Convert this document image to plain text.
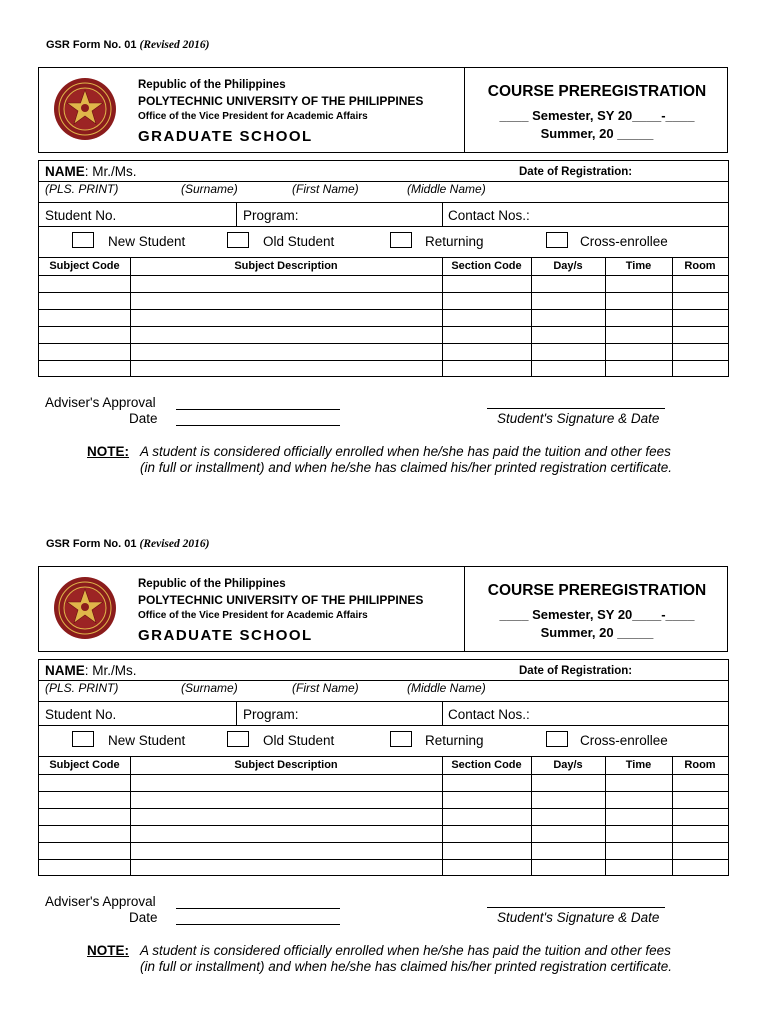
GSR Form No. 01 (Revised 2016)
Republic of the Philippines
POLYTECHNIC UNIVERSITY OF THE PHILIPPINES
Office of the Vice President for Academic Affairs
GRADUATE SCHOOL
COURSE PREREGISTRATION
____ Semester, SY 20____-____
Summer, 20 _____
NAME: Mr./Ms.	Date of Registration:
(PLS. PRINT)	(Surname)	(First Name)	(Middle Name)
Student No.	Program:	Contact Nos.:
New Student	Old Student	Returning	Cross-enrollee
Subject Code	Subject Description	Section Code	Day/s	Time	Room
Adviser's Approval
Date	Student's Signature & Date
NOTE: A student is considered officially enrolled when he/she has paid the tuition and other fees
(in full or installment) and when he/she has claimed his/her printed registration certificate.
GSR Form No. 01 (Revised 2016)
Republic of the Philippines
POLYTECHNIC UNIVERSITY OF THE PHILIPPINES
Office of the Vice President for Academic Affairs
GRADUATE SCHOOL
COURSE PREREGISTRATION
____ Semester, SY 20____-____
Summer, 20 _____
NAME: Mr./Ms.	Date of Registration:
(PLS. PRINT)	(Surname)	(First Name)	(Middle Name)
Student No.	Program:	Contact Nos.:
New Student	Old Student	Returning	Cross-enrollee
Subject Code	Subject Description	Section Code	Day/s	Time	Room
Adviser's Approval
Date	Student's Signature & Date
NOTE: A student is considered officially enrolled when he/she has paid the tuition and other fees
(in full or installment) and when he/she has claimed his/her printed registration certificate.
